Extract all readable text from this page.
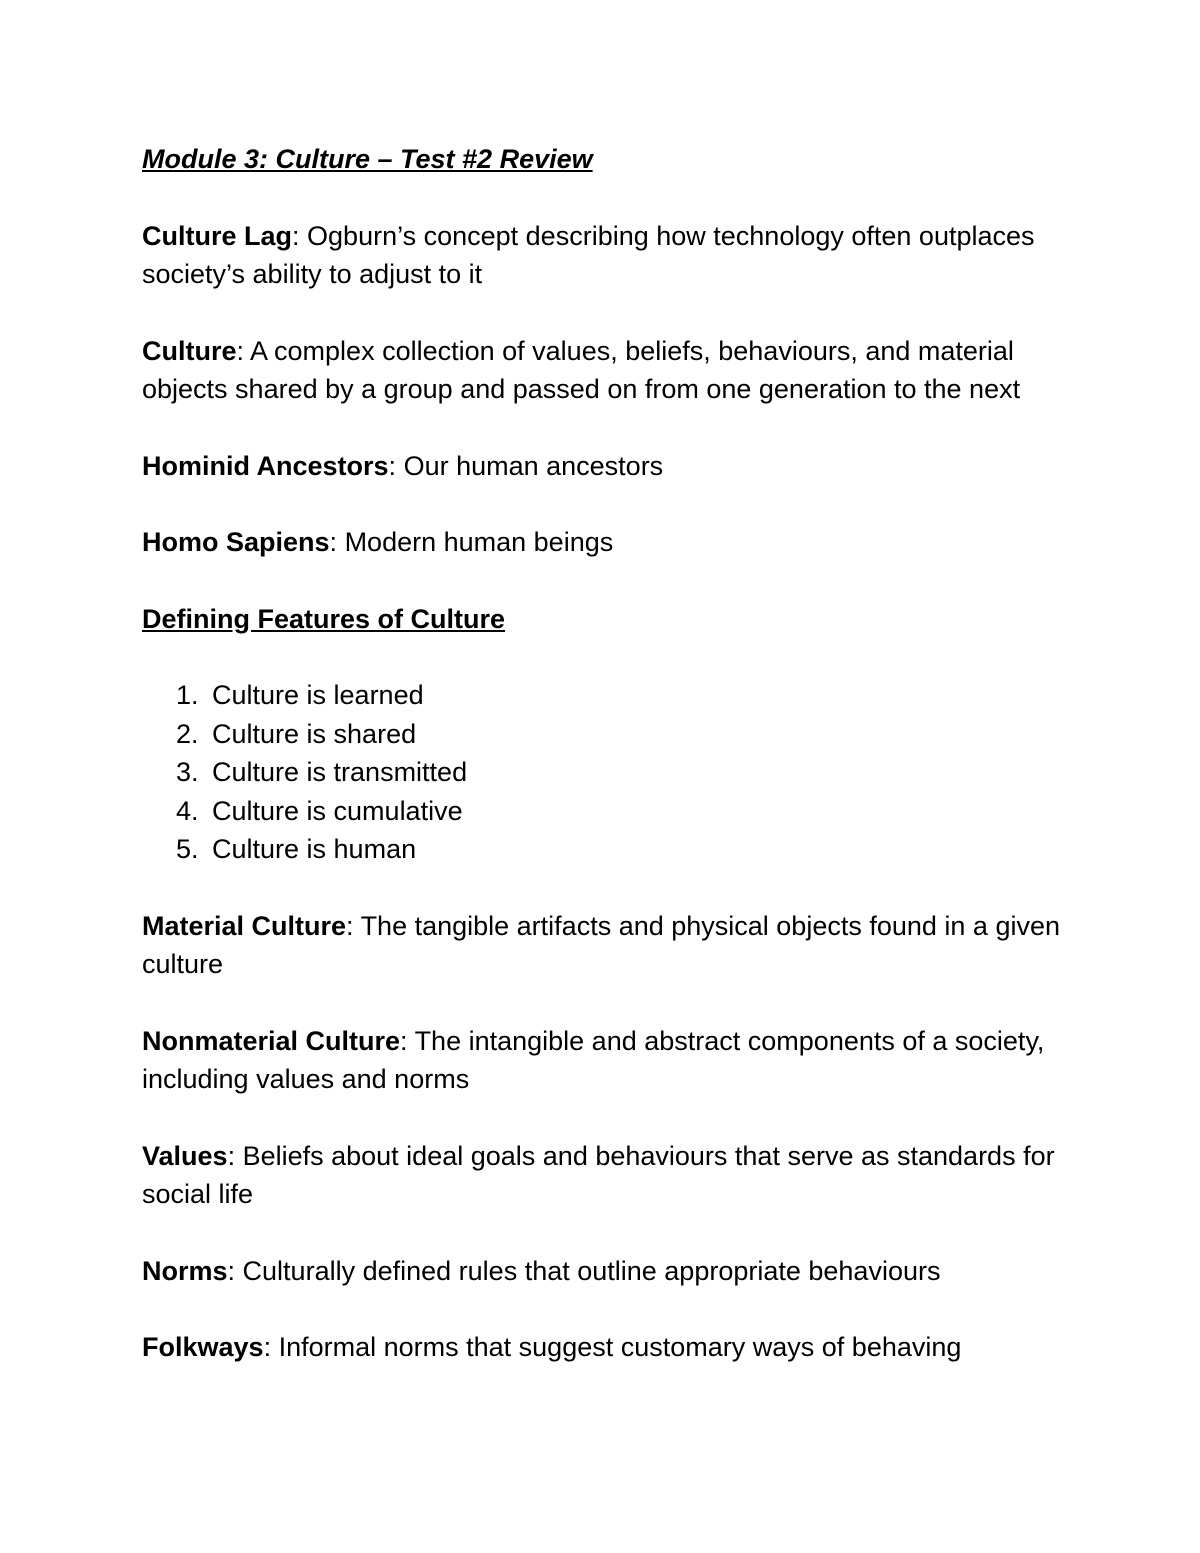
Module 3: Culture – Test #2 Review

Culture Lag: Ogburn’s concept describing how technology often outplaces society’s ability to adjust to it

Culture: A complex collection of values, beliefs, behaviours, and material objects shared by a group and passed on from one generation to the next

Hominid Ancestors: Our human ancestors

Homo Sapiens: Modern human beings

Defining Features of Culture

1. Culture is learned
2. Culture is shared
3. Culture is transmitted
4. Culture is cumulative
5. Culture is human

Material Culture: The tangible artifacts and physical objects found in a given culture

Nonmaterial Culture: The intangible and abstract components of a society, including values and norms

Values: Beliefs about ideal goals and behaviours that serve as standards for social life

Norms: Culturally defined rules that outline appropriate behaviours

Folkways: Informal norms that suggest customary ways of behaving
